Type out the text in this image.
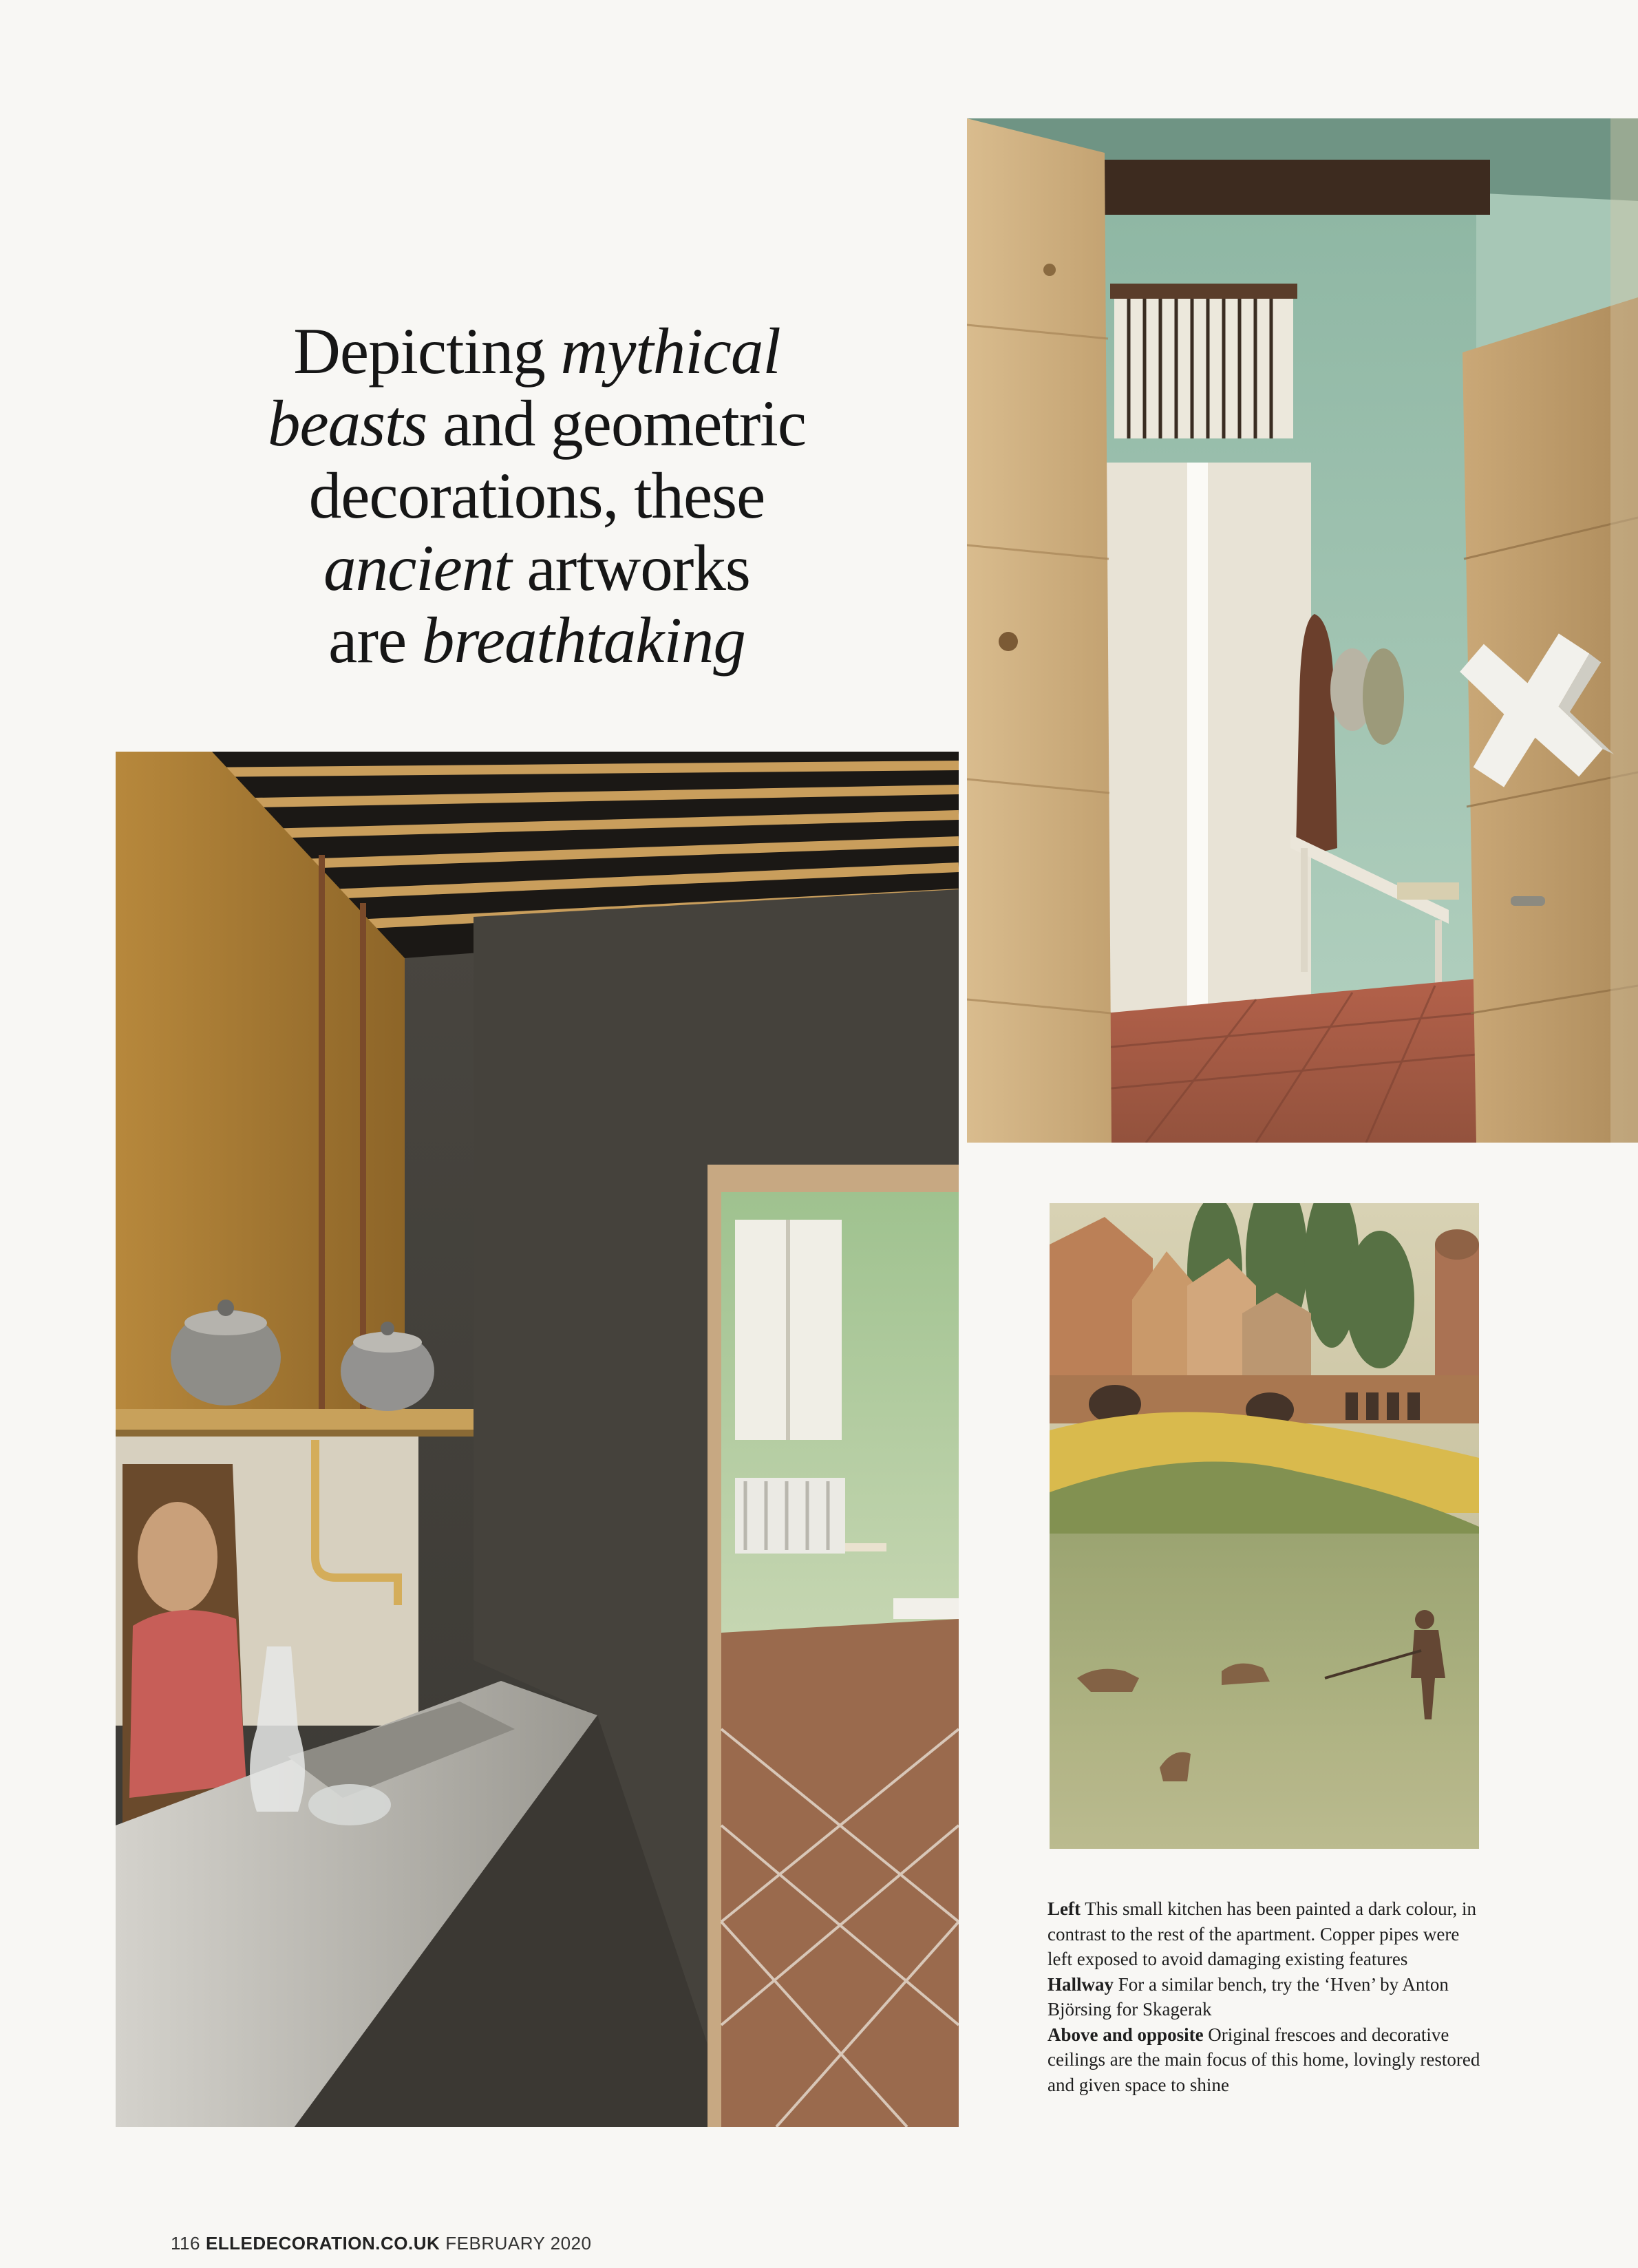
Depicting mythical
beasts and geometric
decorations, these
ancient artworks
are breathtaking

Left This small kitchen has been painted a dark colour, in contrast to the rest of the apartment. Copper pipes were left exposed to avoid damaging existing features

Hallway For a similar bench, try the ‘Hven’ by Anton Björsing for Skagerak

Above and opposite Original frescoes and decorative ceilings are the main focus of this home, lovingly restored and given space to shine

116 ELLEDECORATION.CO.UK FEBRUARY 2020
